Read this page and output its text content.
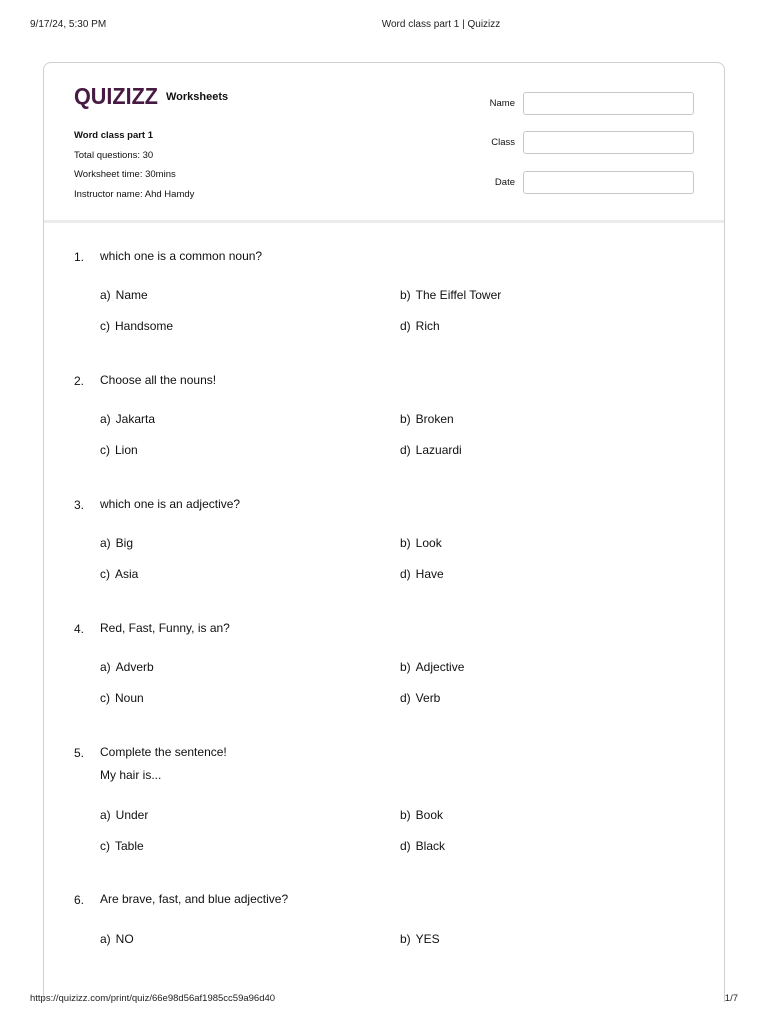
9/17/24, 5:30 PM	Word class part 1 | Quizizz
QUIZIZZ Worksheets
Word class part 1
Total questions: 30
Worksheet time: 30mins
Instructor name: Ahd Hamdy
Name
Class
Date
1. which one is a common noun?
a) Name	b) The Eiffel Tower
c) Handsome	d) Rich
2. Choose all the nouns!
a) Jakarta	b) Broken
c) Lion	d) Lazuardi
3. which one is an adjective?
a) Big	b) Look
c) Asia	d) Have
4. Red, Fast, Funny, is an?
a) Adverb	b) Adjective
c) Noun	d) Verb
5. Complete the sentence!
My hair is...
a) Under	b) Book
c) Table	d) Black
6. Are brave, fast, and blue adjective?
a) NO	b) YES
https://quizizz.com/print/quiz/66e98d56af1985cc59a96d40	1/7
